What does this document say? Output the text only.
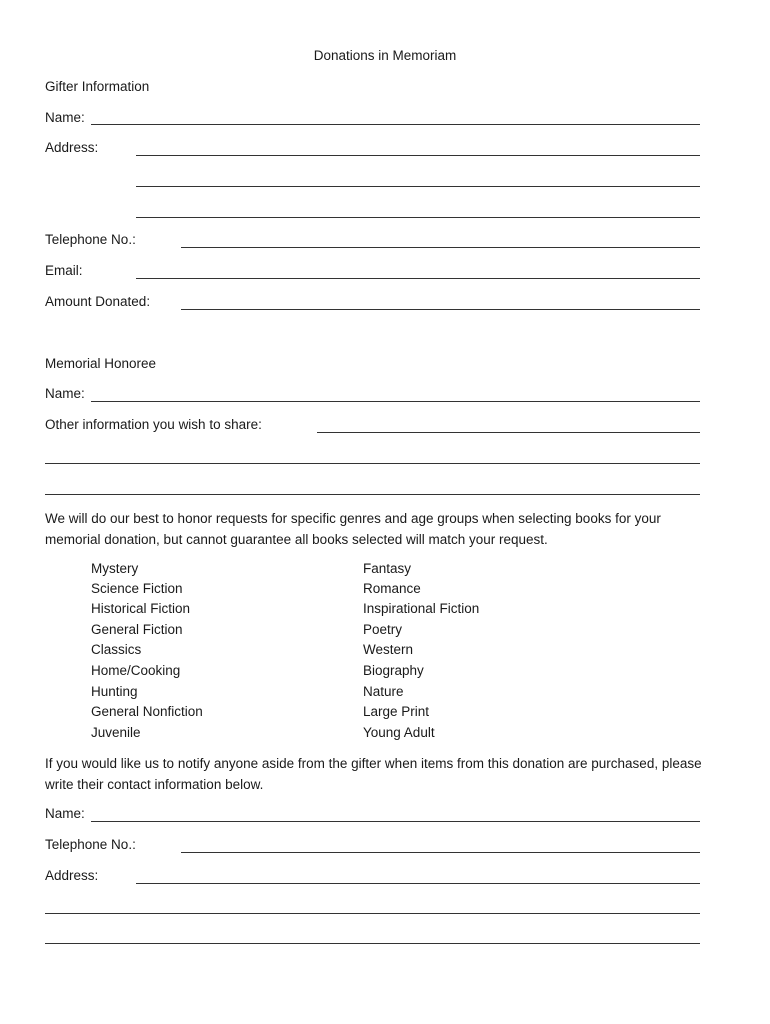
Donations in Memoriam
Gifter Information
Name:
Address:
Telephone No.:
Email:
Amount Donated:
Memorial Honoree
Name:
Other information you wish to share:
We will do our best to honor requests for specific genres and age groups when selecting books for your memorial donation, but cannot guarantee all books selected will match your request.
Mystery
Science Fiction
Historical Fiction
General Fiction
Classics
Home/Cooking
Hunting
General Nonfiction
Juvenile
Fantasy
Romance
Inspirational Fiction
Poetry
Western
Biography
Nature
Large Print
Young Adult
If you would like us to notify anyone aside from the gifter when items from this donation are purchased, please write their contact information below.
Name:
Telephone No.:
Address:
